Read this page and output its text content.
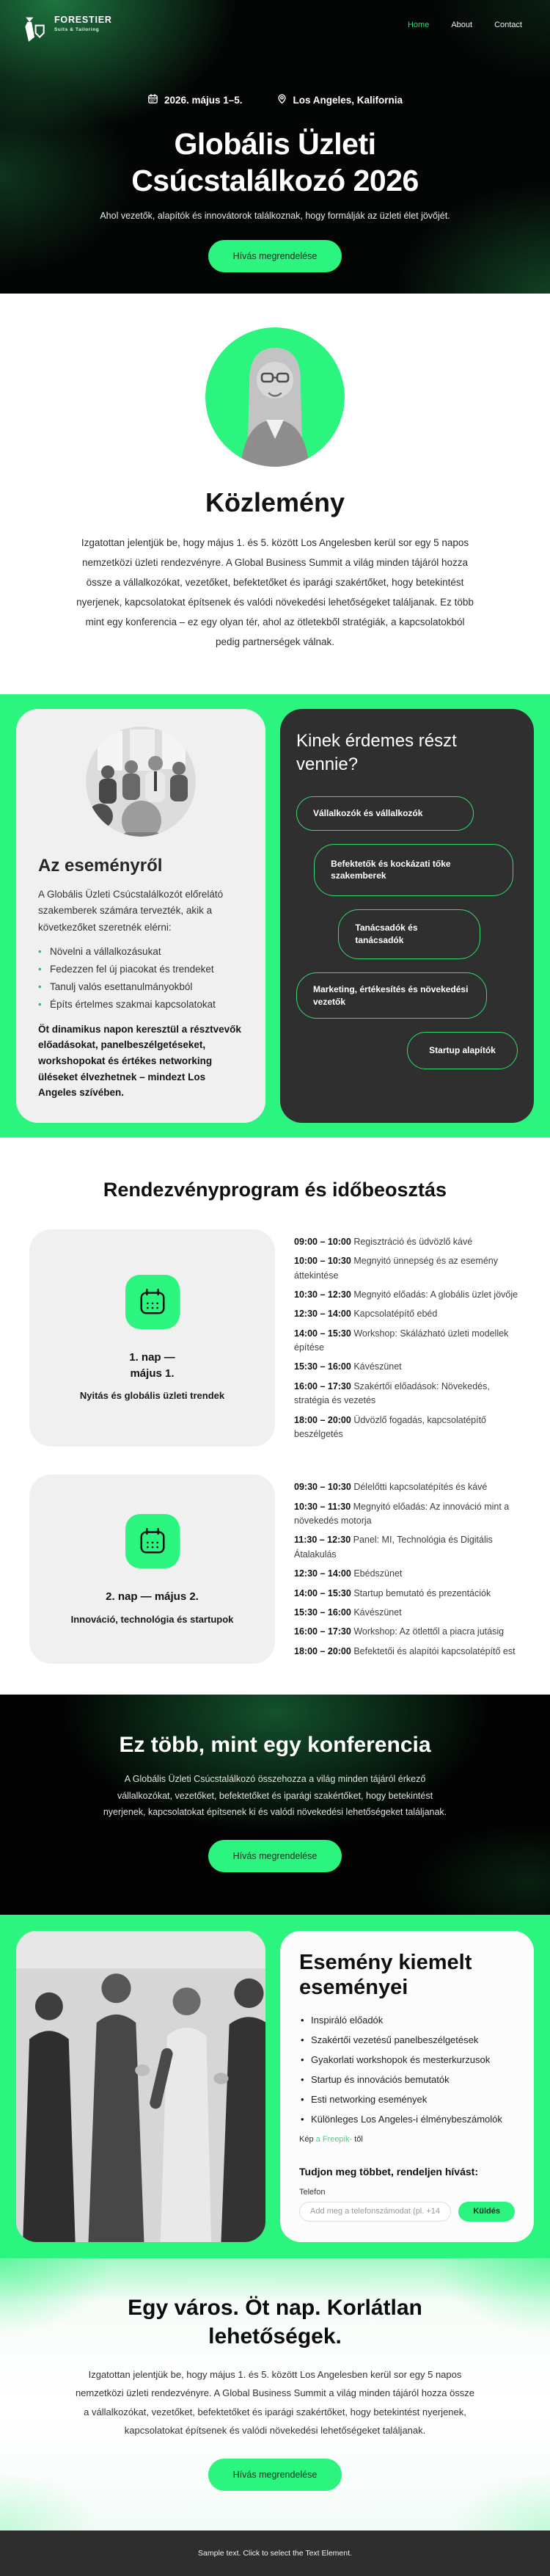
FORESTIER
Suits & Tailoring
Home	About	Contact
2026. május 1–5.	Los Angeles, Kalifornia
Globális Üzleti Csúcstalálkozó 2026
Ahol vezetők, alapítók és innovátorok találkoznak, hogy formálják az üzleti élet jövőjét.
Hívás megrendelése
Közlemény

Izgatottan jelentjük be, hogy május 1. és 5. között Los Angelesben kerül sor egy 5 napos nemzetközi üzleti rendezvényre. A Global Business Summit a világ minden tájáról hozza össze a vállalkozókat, vezetőket, befektetőket és iparági szakértőket, hogy betekintést nyerjenek, kapcsolatokat építsenek és valódi növekedési lehetőségeket találjanak. Ez több mint egy konferencia – ez egy olyan tér, ahol az ötletekből stratégiák, a kapcsolatokból pedig partnerségek válnak.

Az eseményről

A Globális Üzleti Csúcstalálkozót előrelátó szakemberek számára tervezték, akik a következőket szeretnék elérni:

• Növelni a vállalkozásukat
• Fedezzen fel új piacokat és trendeket
• Tanulj valós esettanulmányokból
• Építs értelmes szakmai kapcsolatokat

Öt dinamikus napon keresztül a résztvevők előadásokat, panelbeszélgetéseket, workshopokat és értékes networking üléseket élvezhetnek – mindezt Los Angeles szívében.

Kinek érdemes részt vennie?
Vállalkozók és vállalkozók
Befektetők és kockázati tőke szakemberek
Tanácsadók és tanácsadók
Marketing, értékesítés és növekedési vezetők
Startup alapítók
Rendezvényprogram és időbeosztás
1. nap —
május 1.
Nyitás és globális üzleti trendek
09:00 – 10:00 Regisztráció és üdvözlő kávé
10:00 – 10:30 Megnyitó ünnepség és az esemény áttekintése
10:30 – 12:30 Megnyitó előadás: A globális üzlet jövője
12:30 – 14:00 Kapcsolatépítő ebéd
14:00 – 15:30 Workshop: Skálázható üzleti modellek építése
15:30 – 16:00 Kávészünet
16:00 – 17:30 Szakértői előadások: Növekedés, stratégia és vezetés
18:00 – 20:00 Üdvözlő fogadás, kapcsolatépítő beszélgetés
2. nap — május 2.
Innováció, technológia és startupok
09:30 – 10:30 Délelőtti kapcsolatépítés és kávé
10:30 – 11:30 Megnyitó előadás: Az innováció mint a növekedés motorja
11:30 – 12:30 Panel: MI, Technológia és Digitális Átalakulás
12:30 – 14:00 Ebédszünet
14:00 – 15:30 Startup bemutató és prezentációk
15:30 – 16:00 Kávészünet
16:00 – 17:30 Workshop: Az ötlettől a piacra jutásig
18:00 – 20:00 Befektetői és alapítói kapcsolatépítő est
Ez több, mint egy konferencia

A Globális Üzleti Csúcstalálkozó összehozza a világ minden tájáról érkező vállalkozókat, vezetőket, befektetőket és iparági szakértőket, hogy betekintést nyerjenek, kapcsolatokat építsenek ki és valódi növekedési lehetőségeket találjanak.

Hívás megrendelése
Esemény kiemelt eseményei
• Inspiráló előadók
• Szakértői vezetésű panelbeszélgetések
• Gyakorlati workshopok és mesterkurzusok
• Startup és innovációs bemutatók
• Esti networking események
• Különleges Los Angeles-i élménybeszámolók
Kép a Freepik- től
Tudjon meg többet, rendeljen hívást:
Telefon
Add meg a telefonszámodat (pl. +14155552675)
Küldés
Egy város. Öt nap. Korlátlan lehetőségek.

Izgatottan jelentjük be, hogy május 1. és 5. között Los Angelesben kerül sor egy 5 napos nemzetközi üzleti rendezvényre. A Global Business Summit a világ minden tájáról hozza össze a vállalkozókat, vezetőket, befektetőket és iparági szakértőket, hogy betekintést nyerjenek, kapcsolatokat építsenek és valódi növekedési lehetőségeket találjanak.

Hívás megrendelése
Sample text. Click to select the Text Element.
